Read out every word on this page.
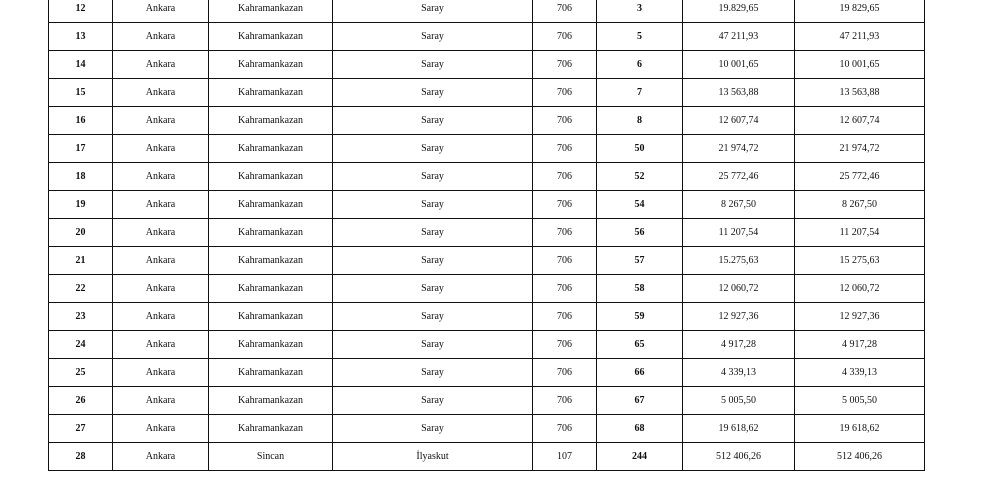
12	Ankara	Kahramankazan	Saray	706	3	19.829,65	19 829,65
13	Ankara	Kahramankazan	Saray	706	5	47 211,93	47 211,93
14	Ankara	Kahramankazan	Saray	706	6	10 001,65	10 001,65
15	Ankara	Kahramankazan	Saray	706	7	13 563,88	13 563,88
16	Ankara	Kahramankazan	Saray	706	8	12 607,74	12 607,74
17	Ankara	Kahramankazan	Saray	706	50	21 974,72	21 974,72
18	Ankara	Kahramankazan	Saray	706	52	25 772,46	25 772,46
19	Ankara	Kahramankazan	Saray	706	54	8 267,50	8 267,50
20	Ankara	Kahramankazan	Saray	706	56	11 207,54	11 207,54
21	Ankara	Kahramankazan	Saray	706	57	15.275,63	15 275,63
22	Ankara	Kahramankazan	Saray	706	58	12 060,72	12 060,72
23	Ankara	Kahramankazan	Saray	706	59	12 927,36	12 927,36
24	Ankara	Kahramankazan	Saray	706	65	4 917,28	4 917,28
25	Ankara	Kahramankazan	Saray	706	66	4 339,13	4 339,13
26	Ankara	Kahramankazan	Saray	706	67	5 005,50	5 005,50
27	Ankara	Kahramankazan	Saray	706	68	19 618,62	19 618,62
28	Ankara	Sincan	İlyaskut	107	244	512 406,26	512 406,26
